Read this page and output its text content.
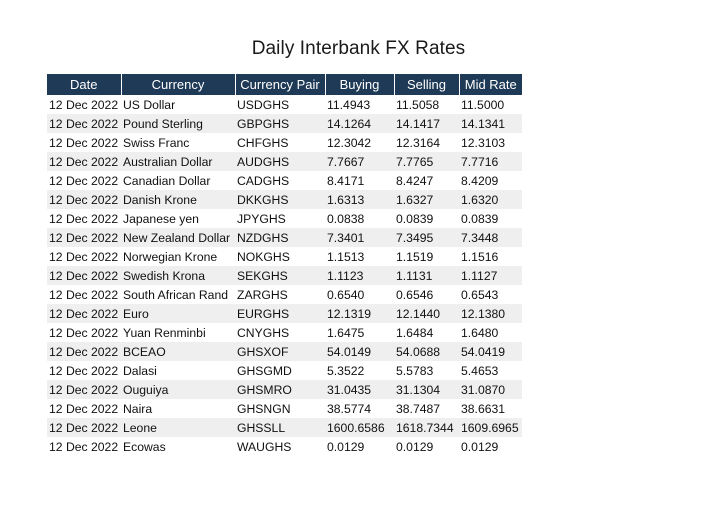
Daily Interbank FX Rates
Date	Currency	Currency Pair	Buying	Selling	Mid Rate
12 Dec 2022	US Dollar	USDGHS	11.4943	11.5058	11.5000
12 Dec 2022	Pound Sterling	GBPGHS	14.1264	14.1417	14.1341
12 Dec 2022	Swiss Franc	CHFGHS	12.3042	12.3164	12.3103
12 Dec 2022	Australian Dollar	AUDGHS	7.7667	7.7765	7.7716
12 Dec 2022	Canadian Dollar	CADGHS	8.4171	8.4247	8.4209
12 Dec 2022	Danish Krone	DKKGHS	1.6313	1.6327	1.6320
12 Dec 2022	Japanese yen	JPYGHS	0.0838	0.0839	0.0839
12 Dec 2022	New Zealand Dollar	NZDGHS	7.3401	7.3495	7.3448
12 Dec 2022	Norwegian Krone	NOKGHS	1.1513	1.1519	1.1516
12 Dec 2022	Swedish Krona	SEKGHS	1.1123	1.1131	1.1127
12 Dec 2022	South African Rand	ZARGHS	0.6540	0.6546	0.6543
12 Dec 2022	Euro	EURGHS	12.1319	12.1440	12.1380
12 Dec 2022	Yuan Renminbi	CNYGHS	1.6475	1.6484	1.6480
12 Dec 2022	BCEAO	GHSXOF	54.0149	54.0688	54.0419
12 Dec 2022	Dalasi	GHSGMD	5.3522	5.5783	5.4653
12 Dec 2022	Ouguiya	GHSMRO	31.0435	31.1304	31.0870
12 Dec 2022	Naira	GHSNGN	38.5774	38.7487	38.6631
12 Dec 2022	Leone	GHSSLL	1600.6586	1618.7344	1609.6965
12 Dec 2022	Ecowas	WAUGHS	0.0129	0.0129	0.0129
